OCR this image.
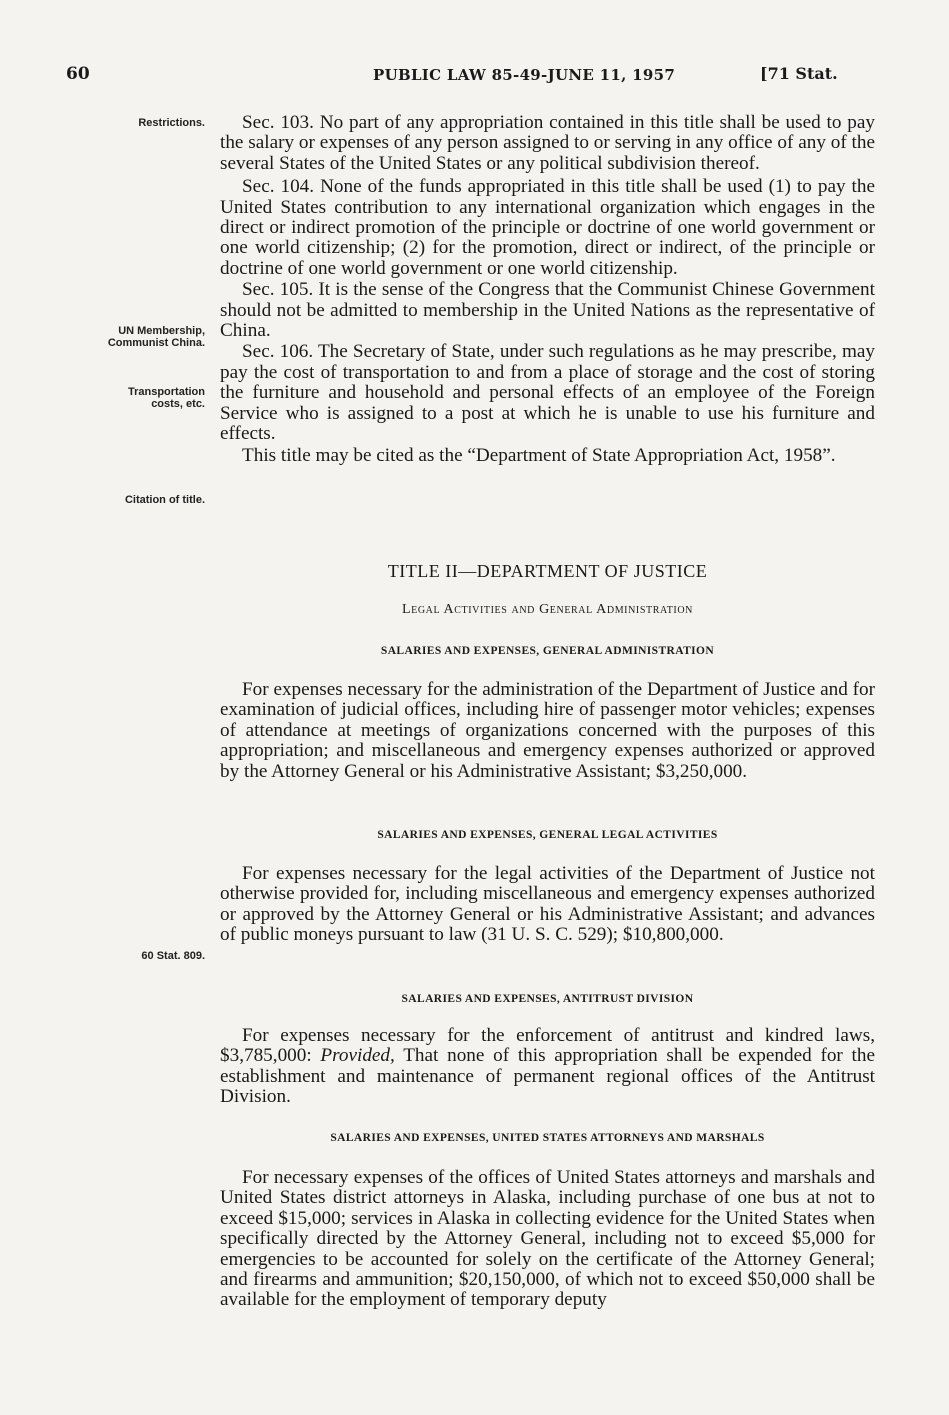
60	PUBLIC LAW 85-49-JUNE 11, 1957	[71 Stat.
Restrictions.
UN Membership,
Communist China.
Transportation
costs, etc.
Citation of title.
60 Stat. 809.

Sec. 103. No part of any appropriation contained in this title shall be used to pay the salary or expenses of any person assigned to or serving in any office of any of the several States of the United States or any political subdivision thereof.

Sec. 104. None of the funds appropriated in this title shall be used (1) to pay the United States contribution to any international organization which engages in the direct or indirect promotion of the principle or doctrine of one world government or one world citizenship; (2) for the promotion, direct or indirect, of the principle or doctrine of one world government or one world citizenship.

Sec. 105. It is the sense of the Congress that the Communist Chinese Government should not be admitted to membership in the United Nations as the representative of China.

Sec. 106. The Secretary of State, under such regulations as he may prescribe, may pay the cost of transportation to and from a place of storage and the cost of storing the furniture and household and personal effects of an employee of the Foreign Service who is assigned to a post at which he is unable to use his furniture and effects.

This title may be cited as the “Department of State Appropriation Act, 1958”.

TITLE II—DEPARTMENT OF JUSTICE
Legal Activities and General Administration
SALARIES AND EXPENSES, GENERAL ADMINISTRATION

For expenses necessary for the administration of the Department of Justice and for examination of judicial offices, including hire of passenger motor vehicles; expenses of attendance at meetings of organizations concerned with the purposes of this appropriation; and miscellaneous and emergency expenses authorized or approved by the Attorney General or his Administrative Assistant; $3,250,000.

SALARIES AND EXPENSES, GENERAL LEGAL ACTIVITIES

For expenses necessary for the legal activities of the Department of Justice not otherwise provided for, including miscellaneous and emergency expenses authorized or approved by the Attorney General or his Administrative Assistant; and advances of public moneys pursuant to law (31 U. S. C. 529); $10,800,000.

SALARIES AND EXPENSES, ANTITRUST DIVISION

For expenses necessary for the enforcement of antitrust and kindred laws, $3,785,000: Provided, That none of this appropriation shall be expended for the establishment and maintenance of permanent regional offices of the Antitrust Division.

SALARIES AND EXPENSES, UNITED STATES ATTORNEYS AND MARSHALS

For necessary expenses of the offices of United States attorneys and marshals and United States district attorneys in Alaska, including purchase of one bus at not to exceed $15,000; services in Alaska in collecting evidence for the United States when specifically directed by the Attorney General, including not to exceed $5,000 for emergencies to be accounted for solely on the certificate of the Attorney General; and firearms and ammunition; $20,150,000, of which not to exceed $50,000 shall be available for the employment of temporary deputy
